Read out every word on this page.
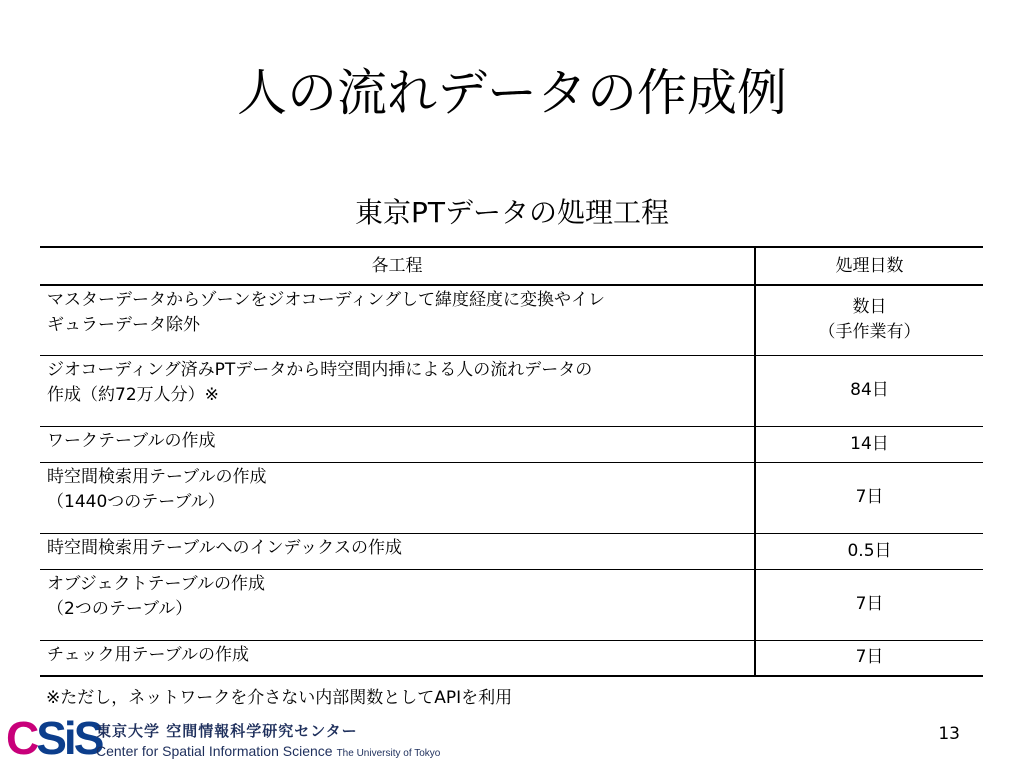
人の流れデータの作成例
東京PTデータの処理工程
各工程	処理日数

マスターデータからゾーンをジオコーディングして緯度経度に変換やイレ
ギュラーデータ除外	数日
（手作業有）

ジオコーディング済みPTデータから時空間内挿による人の流れデータの
作成（約72万人分）※	84日

ワークテーブルの作成	14日

時空間検索用テーブルの作成
（1440つのテーブル）	7日

時空間検索用テーブルへのインデックスの作成	0.5日

オブジェクトテーブルの作成
（2つのテーブル）	7日

チェック用テーブルの作成	7日
※ただし，ネットワークを介さない内部関数としてAPIを利用
CSiS
東京大学 空間情報科学研究センター
Center for Spatial Information Science The University of Tokyo
13
